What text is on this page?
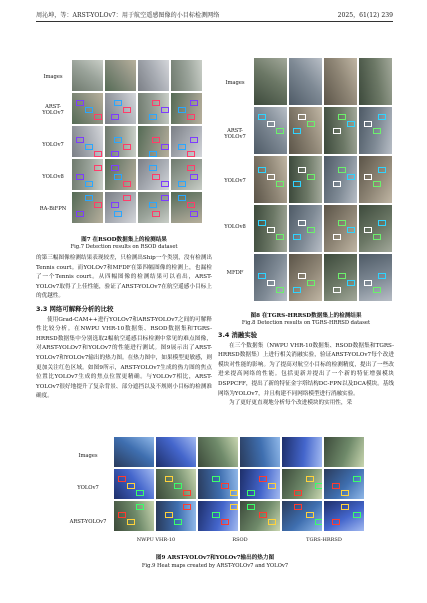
周沁坤，等：ARST-YOLOv7：用于航空遥感图像的小目标检测网络	2025，61(12) 239
Images
ARST-YOLOv7
YOLOv7
YOLOv8
RA-BiFPN
图7 在RSOD数据集上的检测结果
Fig.7 Detection results on RSOD dataset

的第三幅图像检测结果表现较差，只检测出Ship一个类别，没有检测出Tennis court。而YOLOv7和MFDF在第四幅图像的检测上，也漏检了一个Tennis court。从四幅图像的检测结果可以看出，ARST-YOLOv7取得了上佳性能，验证了ARST-YOLOv7在航空遥感小目标上的优越性。

3.3 网络可解释分析的比较

使用Grad-CAM++进行YOLOv7和ARST-YOLOv7之间的可解释性比较分析。在NWPU VHR-10数据集、RSOD数据集和TGRS-HRRSD数据集中分别选取2幅航空遥感目标检测中常见的难点图像，对ARST-YOLOv7和YOLOv7的性能进行测试。图9展示出了ARST-YOLOv7和YOLOv7输出的热力图。在热力图中，如果模型更敏感，则更加关注红色区域。如图9所示，ARST-YOLOv7生成的热力图的焦点位置比YOLOv7生成的焦点位置更精确。与YOLOv7相比，ARST-YOLOv7很好地提升了复杂背景、部分遮挡以及不规则小目标的检测准确度。

Images
ARST-YOLOv7
YOLOv7
YOLOv8
MFDF
图8 在TGRS-HRRSD数据集上的检测结果
Fig.8 Detection results on TGRS-HRRSD dataset
3.4 消融实验

在三个数据集（NWPU VHR-10数据集、RSOD数据集和TGRS-HRRSD数据集）上进行相关消融实验，验证ARST-YOLOv7每个改进模块对性能的影响。为了提高对航空小目标的检测精度，提出了一些改进来提高网络的性能。包括更新并提出了一个新的特征增强模块DSPPCFF，提出了新的特征金字塔结构DC-FPN以及DCA模块。基线网络为YOLOv7，并且构建不同网络模型进行消融实验。

为了更好更直观地分析每个改进模块的实用性，采

Images
YOLOv7
ARST-YOLOv7
NWPU VHR-10	RSOD	TGRS-HRRSD
图9 ARST-YOLOv7和YOLOv7输出的热力图
Fig.9 Heat maps created by ARST-YOLOv7 and YOLOv7
